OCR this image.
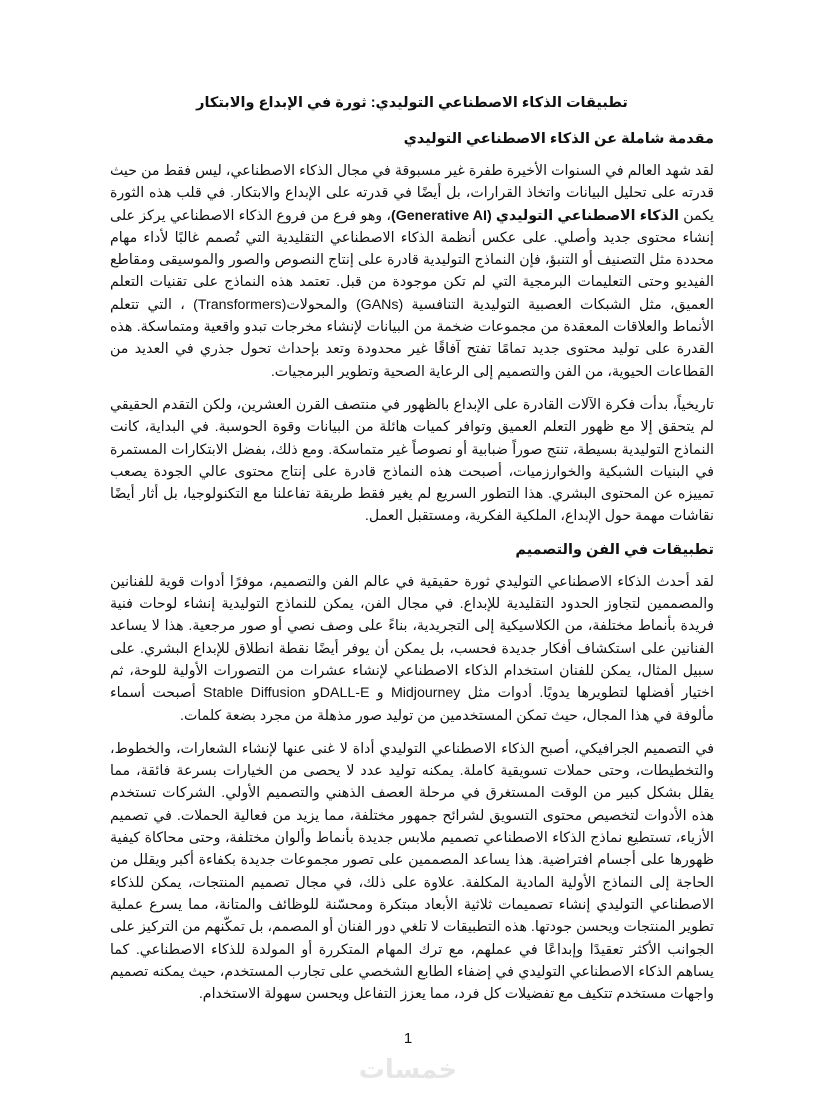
تطبيقات الذكاء الاصطناعي التوليدي: ثورة في الإبداع والابتكار
مقدمة شاملة عن الذكاء الاصطناعي التوليدي

لقد شهد العالم في السنوات الأخيرة طفرة غير مسبوقة في مجال الذكاء الاصطناعي، ليس فقط من حيث قدرته على تحليل البيانات واتخاذ القرارات، بل أيضًا في قدرته على الإبداع والابتكار. في قلب هذه الثورة يكمن الذكاء الاصطناعي التوليدي (Generative AI)، وهو فرع من فروع الذكاء الاصطناعي يركز على إنشاء محتوى جديد وأصلي. على عكس أنظمة الذكاء الاصطناعي التقليدية التي تُصمم غالبًا لأداء مهام محددة مثل التصنيف أو التنبؤ، فإن النماذج التوليدية قادرة على إنتاج النصوص والصور والموسيقى ومقاطع الفيديو وحتى التعليمات البرمجية التي لم تكن موجودة من قبل. تعتمد هذه النماذج على تقنيات التعلم العميق، مثل الشبكات العصبية التوليدية التنافسية (GANs) والمحولات(Transformers) ، التي تتعلم الأنماط والعلاقات المعقدة من مجموعات ضخمة من البيانات لإنشاء مخرجات تبدو واقعية ومتماسكة. هذه القدرة على توليد محتوى جديد تمامًا تفتح آفاقًا غير محدودة وتعد بإحداث تحول جذري في العديد من القطاعات الحيوية، من الفن والتصميم إلى الرعاية الصحية وتطوير البرمجيات.

تاريخياً، بدأت فكرة الآلات القادرة على الإبداع بالظهور في منتصف القرن العشرين، ولكن التقدم الحقيقي لم يتحقق إلا مع ظهور التعلم العميق وتوافر كميات هائلة من البيانات وقوة الحوسبة. في البداية، كانت النماذج التوليدية بسيطة، تنتج صوراً ضبابية أو نصوصاً غير متماسكة. ومع ذلك، بفضل الابتكارات المستمرة في البنيات الشبكية والخوارزميات، أصبحت هذه النماذج قادرة على إنتاج محتوى عالي الجودة يصعب تمييزه عن المحتوى البشري. هذا التطور السريع لم يغير فقط طريقة تفاعلنا مع التكنولوجيا، بل أثار أيضًا نقاشات مهمة حول الإبداع، الملكية الفكرية، ومستقبل العمل.

تطبيقات في الفن والتصميم

لقد أحدث الذكاء الاصطناعي التوليدي ثورة حقيقية في عالم الفن والتصميم، موفرًا أدوات قوية للفنانين والمصممين لتجاوز الحدود التقليدية للإبداع. في مجال الفن، يمكن للنماذج التوليدية إنشاء لوحات فنية فريدة بأنماط مختلفة، من الكلاسيكية إلى التجريدية، بناءً على وصف نصي أو صور مرجعية. هذا لا يساعد الفنانين على استكشاف أفكار جديدة فحسب، بل يمكن أن يوفر أيضًا نقطة انطلاق للإبداع البشري. على سبيل المثال، يمكن للفنان استخدام الذكاء الاصطناعي لإنشاء عشرات من التصورات الأولية للوحة، ثم اختيار أفضلها لتطويرها يدويًا. أدوات مثل Midjourney و DALL-Eو Stable Diffusion أصبحت أسماء مألوفة في هذا المجال، حيث تمكن المستخدمين من توليد صور مذهلة من مجرد بضعة كلمات.

في التصميم الجرافيكي، أصبح الذكاء الاصطناعي التوليدي أداة لا غنى عنها لإنشاء الشعارات، والخطوط، والتخطيطات، وحتى حملات تسويقية كاملة. يمكنه توليد عدد لا يحصى من الخيارات بسرعة فائقة، مما يقلل بشكل كبير من الوقت المستغرق في مرحلة العصف الذهني والتصميم الأولي. الشركات تستخدم هذه الأدوات لتخصيص محتوى التسويق لشرائح جمهور مختلفة، مما يزيد من فعالية الحملات. في تصميم الأزياء، تستطيع نماذج الذكاء الاصطناعي تصميم ملابس جديدة بأنماط وألوان مختلفة، وحتى محاكاة كيفية ظهورها على أجسام افتراضية. هذا يساعد المصممين على تصور مجموعات جديدة بكفاءة أكبر ويقلل من الحاجة إلى النماذج الأولية المادية المكلفة. علاوة على ذلك، في مجال تصميم المنتجات، يمكن للذكاء الاصطناعي التوليدي إنشاء تصميمات ثلاثية الأبعاد مبتكرة ومحسّنة للوظائف والمتانة، مما يسرع عملية تطوير المنتجات ويحسن جودتها. هذه التطبيقات لا تلغي دور الفنان أو المصمم، بل تمكّنهم من التركيز على الجوانب الأكثر تعقيدًا وإبداعًا في عملهم، مع ترك المهام المتكررة أو المولدة للذكاء الاصطناعي. كما يساهم الذكاء الاصطناعي التوليدي في إضفاء الطابع الشخصي على تجارب المستخدم، حيث يمكنه تصميم واجهات مستخدم تتكيف مع تفضيلات كل فرد، مما يعزز التفاعل ويحسن سهولة الاستخدام.

1
خمسات
